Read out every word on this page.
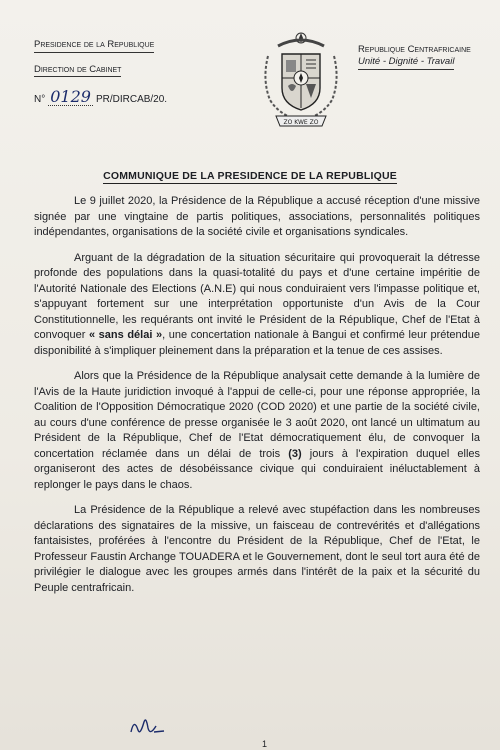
Presidence de la Republique
Direction de Cabinet
N° 0129 PR/DIRCAB/20.
ZO KWE ZO
Republique Centrafricaine
Unité - Dignité - Travail
COMMUNIQUE DE LA PRESIDENCE DE LA REPUBLIQUE

Le 9 juillet 2020, la Présidence de la République a accusé réception d'une missive signée par une vingtaine de partis politiques, associations, personnalités politiques indépendantes, organisations de la société civile et organisations syndicales.

Arguant de la dégradation de la situation sécuritaire qui provoquerait la détresse profonde des populations dans la quasi-totalité du pays et d'une certaine impéritie de l'Autorité Nationale des Elections (A.N.E) qui nous conduiraient vers l'impasse politique et, s'appuyant fortement sur une interprétation opportuniste d'un Avis de la Cour Constitutionnelle, les requérants ont invité le Président de la République, Chef de l'Etat à convoquer « sans délai », une concertation nationale à Bangui et confirmé leur prétendue disponibilité à s'impliquer pleinement dans la préparation et la tenue de ces assises.

Alors que la Présidence de la République analysait cette demande à la lumière de l'Avis de la Haute juridiction invoqué à l'appui de celle-ci, pour une réponse appropriée, la Coalition de l'Opposition Démocratique 2020 (COD 2020) et une partie de la société civile, au cours d'une conférence de presse organisée le 3 août 2020, ont lancé un ultimatum au Président de la République, Chef de l'Etat démocratiquement élu, de convoquer la concertation réclamée dans un délai de trois (3) jours à l'expiration duquel elles organiseront des actes de désobéissance civique qui conduiraient inéluctablement à replonger le pays dans le chaos.

La Présidence de la République a relevé avec stupéfaction dans les nombreuses déclarations des signataires de la missive, un faisceau de contrevérités et d'allégations fantaisistes, proférées à l'encontre du Président de la République, Chef de l'Etat, le Professeur Faustin Archange TOUADERA et le Gouvernement, dont le seul tort aura été de privilégier le dialogue avec les groupes armés dans l'intérêt de la paix et la sécurité du Peuple centrafricain.

1
